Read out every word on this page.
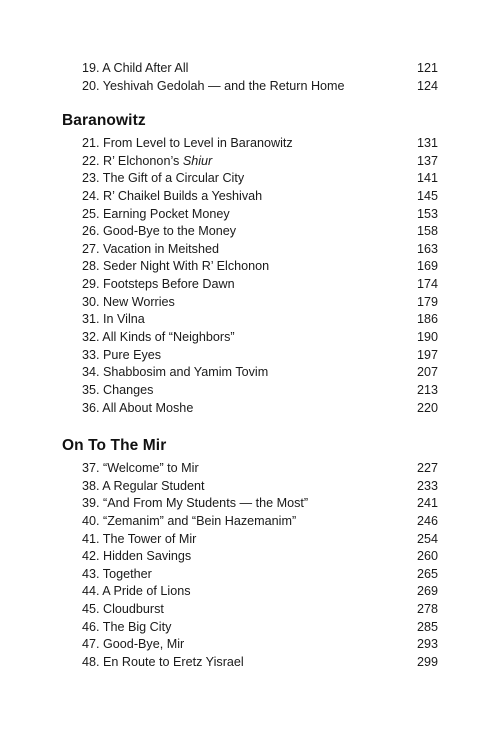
19. A Child After All	121
20. Yeshivah Gedolah — and the Return Home	124
Baranowitz
21. From Level to Level in Baranowitz	131
22. R’ Elchonon’s Shiur	137
23. The Gift of a Circular City	141
24. R’ Chaikel Builds a Yeshivah	145
25. Earning Pocket Money	153
26. Good-Bye to the Money	158
27. Vacation in Meitshed	163
28. Seder Night With R’ Elchonon	169
29. Footsteps Before Dawn	174
30. New Worries	179
31. In Vilna	186
32. All Kinds of “Neighbors”	190
33. Pure Eyes	197
34. Shabbosim and Yamim Tovim	207
35. Changes	213
36. All About Moshe	220
On To The Mir
37. “Welcome” to Mir	227
38. A Regular Student	233
39. “And From My Students — the Most”	241
40. “Zemanim” and “Bein Hazemanim”	246
41. The Tower of Mir	254
42. Hidden Savings	260
43. Together	265
44. A Pride of Lions	269
45. Cloudburst	278
46. The Big City	285
47. Good-Bye, Mir	293
48. En Route to Eretz Yisrael	299
